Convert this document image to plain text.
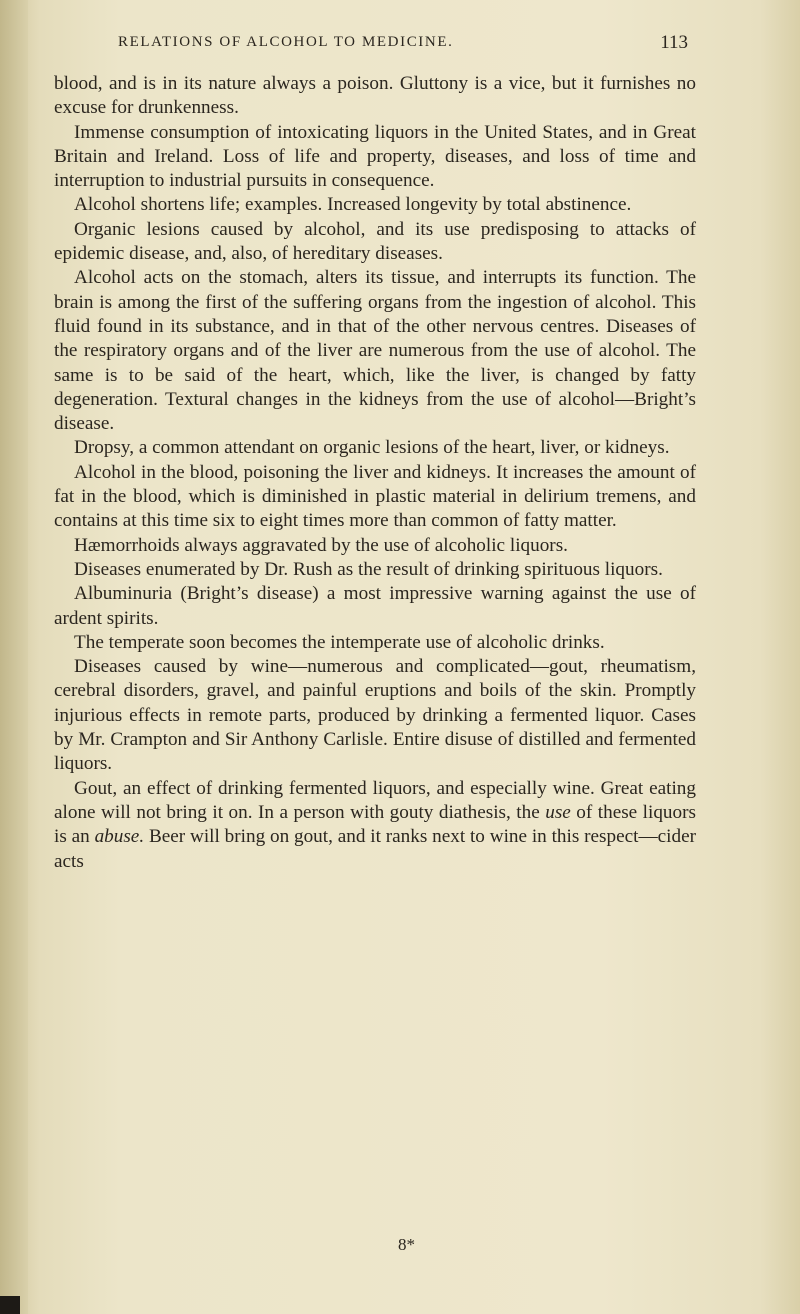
RELATIONS OF ALCOHOL TO MEDICINE.	113

blood, and is in its nature always a poison. Gluttony is a vice, but it furnishes no excuse for drunkenness.

Immense consumption of intoxicating liquors in the United States, and in Great Britain and Ireland. Loss of life and property, diseases, and loss of time and interruption to industrial pursuits in consequence.

Alcohol shortens life; examples. Increased longevity by total abstinence.

Organic lesions caused by alcohol, and its use predisposing to attacks of epidemic disease, and, also, of hereditary diseases.

Alcohol acts on the stomach, alters its tissue, and interrupts its function. The brain is among the first of the suffering organs from the ingestion of alcohol. This fluid found in its substance, and in that of the other nervous centres. Diseases of the respiratory organs and of the liver are numerous from the use of alcohol. The same is to be said of the heart, which, like the liver, is changed by fatty degeneration. Textural changes in the kidneys from the use of alcohol—Bright’s disease.

Dropsy, a common attendant on organic lesions of the heart, liver, or kidneys.

Alcohol in the blood, poisoning the liver and kidneys. It increases the amount of fat in the blood, which is diminished in plastic material in delirium tremens, and contains at this time six to eight times more than common of fatty matter.

Hæmorrhoids always aggravated by the use of alcoholic liquors.

Diseases enumerated by Dr. Rush as the result of drinking spirituous liquors.

Albuminuria (Bright’s disease) a most impressive warning against the use of ardent spirits.

The temperate soon becomes the intemperate use of alcoholic drinks.

Diseases caused by wine—numerous and complicated—gout, rheumatism, cerebral disorders, gravel, and painful eruptions and boils of the skin. Promptly injurious effects in remote parts, produced by drinking a fermented liquor. Cases by Mr. Crampton and Sir Anthony Carlisle. Entire disuse of distilled and fermented liquors.

Gout, an effect of drinking fermented liquors, and especially wine. Great eating alone will not bring it on. In a person with gouty diathesis, the use of these liquors is an abuse. Beer will bring on gout, and it ranks next to wine in this respect—cider acts

8*
